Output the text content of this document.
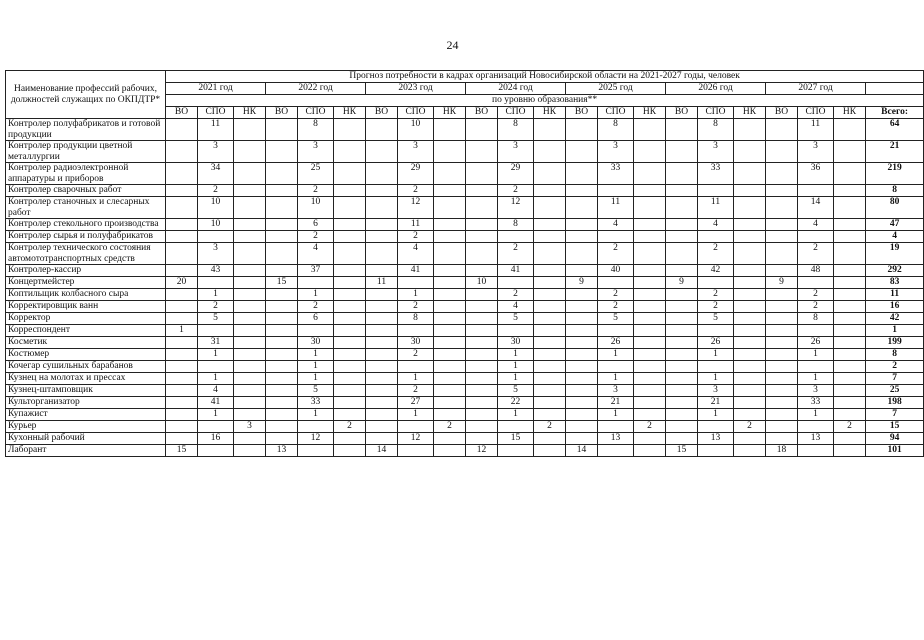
24
Наименование профессий рабочих, должностей служащих по ОКПДТР*	Прогноз потребности в кадрах организаций Новосибирской области на 2021-2027 годы, человек																					
	2021 год			2022 год			2023 год			2024 год			2025 год			2026 год			2027 год			
	по уровню образования**																					
	ВО	СПО	НК	ВО	СПО	НК	ВО	СПО	НК	ВО	СПО	НК	ВО	СПО	НК	ВО	СПО	НК	ВО	СПО	НК	Всего:
Контролер полуфабрикатов и готовой продукции		11			8			10			8			8			8			11		64
Контролер продукции цветной металлургии		3			3			3			3			3			3			3		21
Контролер радиоэлектронной аппаратуры и приборов		34			25			29			29			33			33			36		219
Контролер сварочных работ		2			2			2			2											8
Контролер станочных и слесарных работ		10			10			12			12			11			11			14		80
Контролер стекольного производства		10			6			11			8			4			4			4		47
Контролер сырья и полуфабрикатов					2			2														4
Контролер технического состояния автомототранспортных средств		3			4			4			2			2			2			2		19
Контролер-кассир		43			37			41			41			40			42			48		292
Концертмейстер	20			15			11			10			9			9			9			83
Коптильщик колбасного сыра		1			1			1			2			2			2			2		11
Корректировщик ванн		2			2			2			4			2			2			2		16
Корректор		5			6			8			5			5			5			8		42
Корреспондент	1																					1
Косметик		31			30			30			30			26			26			26		199
Костюмер		1			1			2			1			1			1			1		8
Кочегар сушильных барабанов					1						1											2
Кузнец на молотах и прессах		1			1			1			1			1			1			1		7
Кузнец-штамповщик		4			5			2			5			3			3			3		25
Культорганизатор		41			33			27			22			21			21			33		198
Купажист		1			1			1			1			1			1			1		7
Курьер			3			2			2			2			2			2			2	15
Кухонный рабочий		16			12			12			15			13			13			13		94
Лаборант	15			13			14			12			14			15			18			101
